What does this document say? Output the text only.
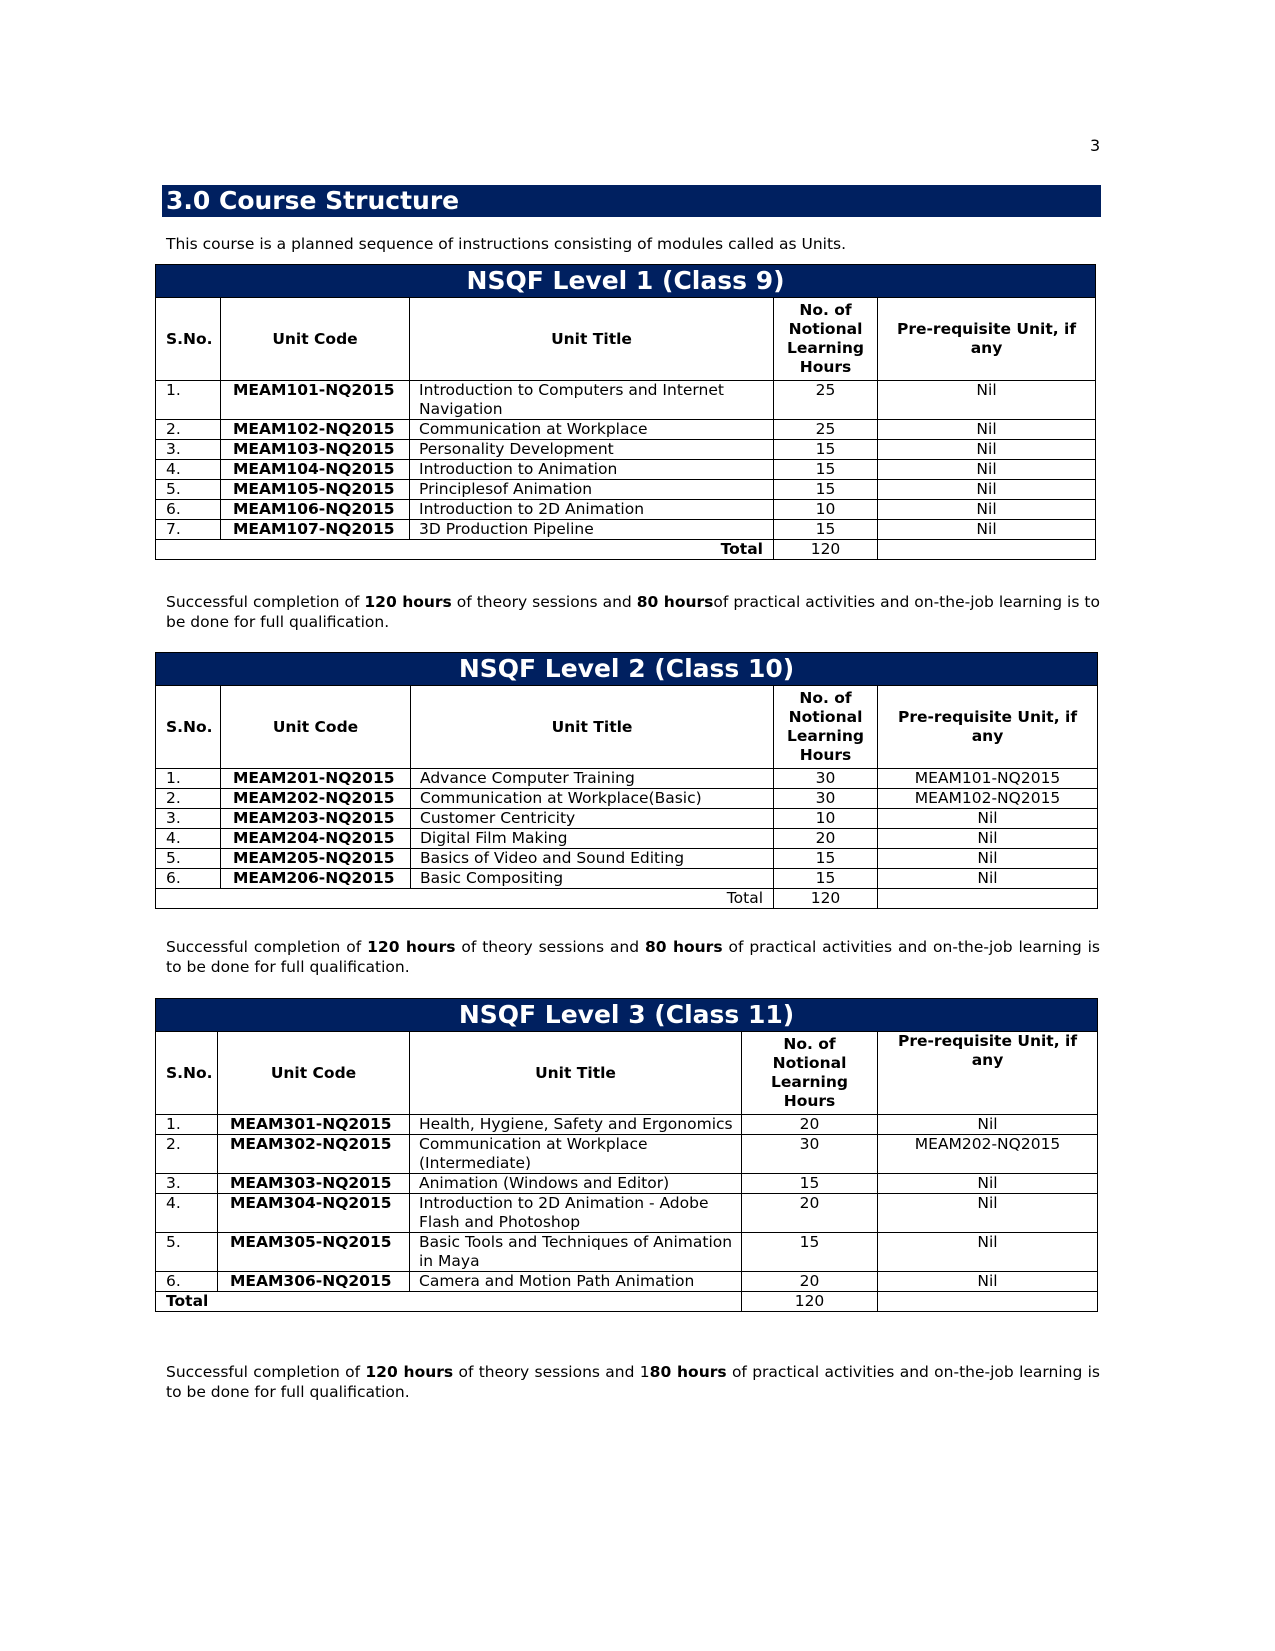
3
3.0 Course Structure
This course is a planned sequence of instructions consisting of modules called as Units.
NSQF Level 1 (Class 9)				
S.No.	Unit Code	Unit Title	No. of Notional Learning Hours	Pre-requisite Unit, if any
1.	MEAM101-NQ2015	Introduction to Computers and Internet Navigation	25	Nil
2.	MEAM102-NQ2015	Communication at Workplace	25	Nil
3.	MEAM103-NQ2015	Personality Development	15	Nil
4.	MEAM104-NQ2015	Introduction to Animation	15	Nil
5.	MEAM105-NQ2015	Principlesof Animation	15	Nil
6.	MEAM106-NQ2015	Introduction to 2D Animation	10	Nil
7.	MEAM107-NQ2015	3D Production Pipeline	15	Nil
Total			120	
Successful completion of 120 hours of theory sessions and 80 hoursof practical activities and on-the-job learning is to be done for full qualification.
NSQF Level 2 (Class 10)				
S.No.	Unit Code	Unit Title	No. of Notional Learning Hours	Pre-requisite Unit, if any
1.	MEAM201-NQ2015	Advance Computer Training	30	MEAM101-NQ2015
2.	MEAM202-NQ2015	Communication at Workplace(Basic)	30	MEAM102-NQ2015
3.	MEAM203-NQ2015	Customer Centricity	10	Nil
4.	MEAM204-NQ2015	Digital Film Making	20	Nil
5.	MEAM205-NQ2015	Basics of Video and Sound Editing	15	Nil
6.	MEAM206-NQ2015	Basic Compositing	15	Nil
Total			120	
Successful completion of 120 hours of theory sessions and 80 hours of practical activities and on-the-job learning is to be done for full qualification.
NSQF Level 3 (Class 11)				
S.No.	Unit Code	Unit Title	No. of Notional Learning Hours	Pre-requisite Unit, if any
1.	MEAM301-NQ2015	Health, Hygiene, Safety and Ergonomics	20	Nil
2.	MEAM302-NQ2015	Communication at Workplace (Intermediate)	30	MEAM202-NQ2015
3.	MEAM303-NQ2015	Animation (Windows and Editor)	15	Nil
4.	MEAM304-NQ2015	Introduction to 2D Animation - Adobe Flash and Photoshop	20	Nil
5.	MEAM305-NQ2015	Basic Tools and Techniques of Animation in Maya	15	Nil
6.	MEAM306-NQ2015	Camera and Motion Path Animation	20	Nil
Total			120	
Successful completion of 120 hours of theory sessions and 180 hours of practical activities and on-the-job learning is to be done for full qualification.
